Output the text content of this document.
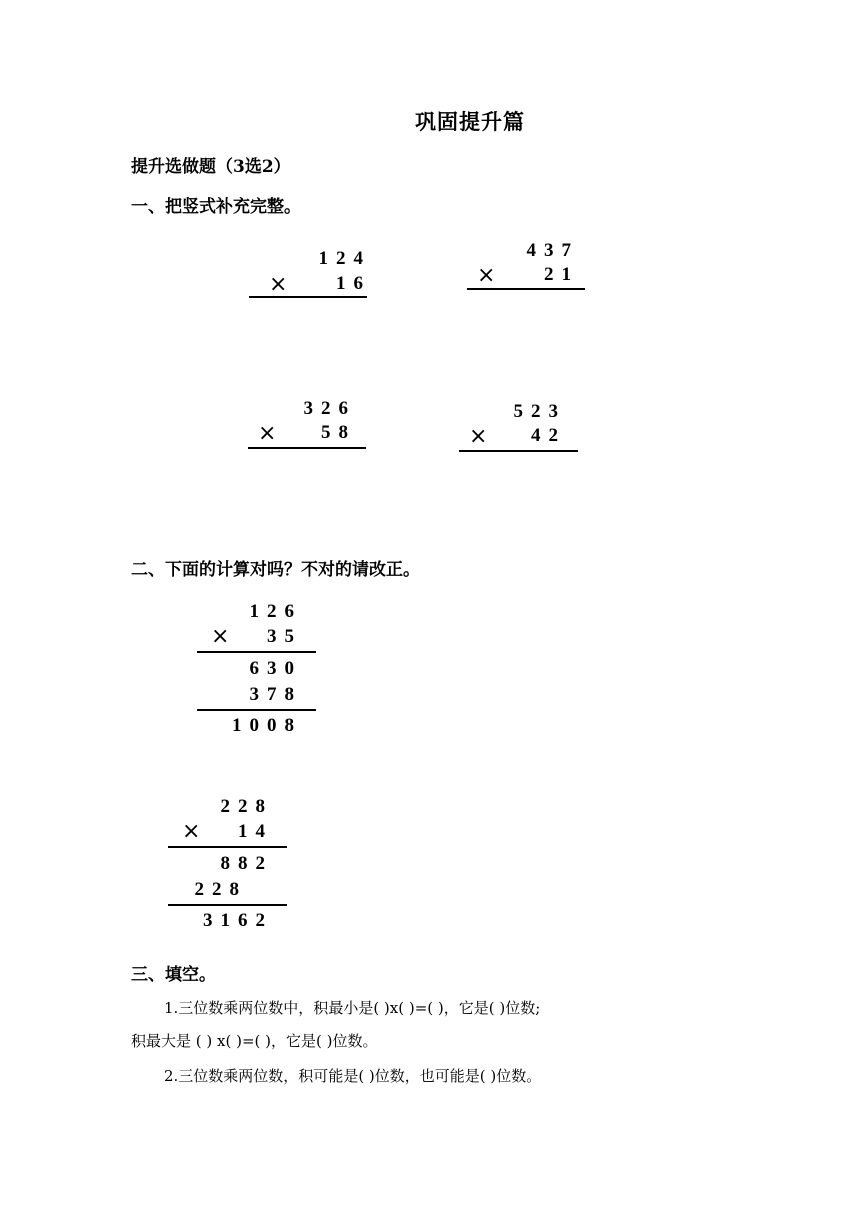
巩固提升篇
提升选做题（3选2）
一、把竖式补充完整。
124
×	16
437
×	21
326
× 58
523
× 42
二、下面的计算对吗？不对的请改正。
126
× 35
630
378
1008
228
× 14
882
228
3162
三、填空。
1.三位数乘两位数中，积最小是( )x( )=( )，它是( )位数;
积最大是 ( ) x( )=( )，它是( )位数。
2.三位数乘两位数，积可能是( )位数，也可能是( )位数。
